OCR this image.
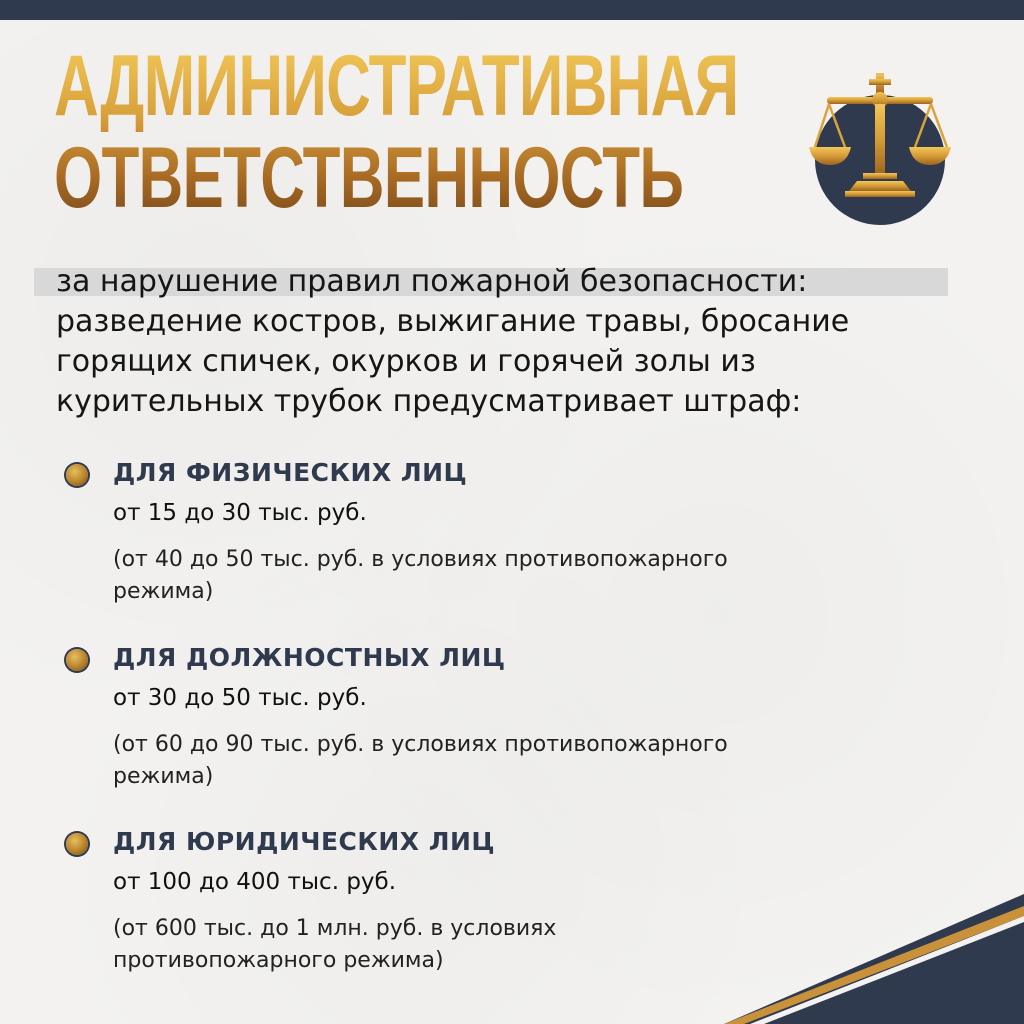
АДМИНИСТРАТИВНАЯ
ОТВЕТСТВЕННОСТЬ

за нарушение правил пожарной безопасности:
разведение костров, выжигание травы, бросание
горящих спичек, окурков и горячей золы из
курительных трубок предусматривает штраф:

ДЛЯ ФИЗИЧЕСКИХ ЛИЦ
от 15 до 30 тыс. руб.
(от 40 до 50 тыс. руб. в условиях противопожарного режима)
ДЛЯ ДОЛЖНОСТНЫХ ЛИЦ
от 30 до 50 тыс. руб.
(от 60 до 90 тыс. руб. в условиях противопожарного режима)
ДЛЯ ЮРИДИЧЕСКИХ ЛИЦ
от 100 до 400 тыс. руб.
(от 600 тыс. до 1 млн. руб. в условиях противопожарного режима)
